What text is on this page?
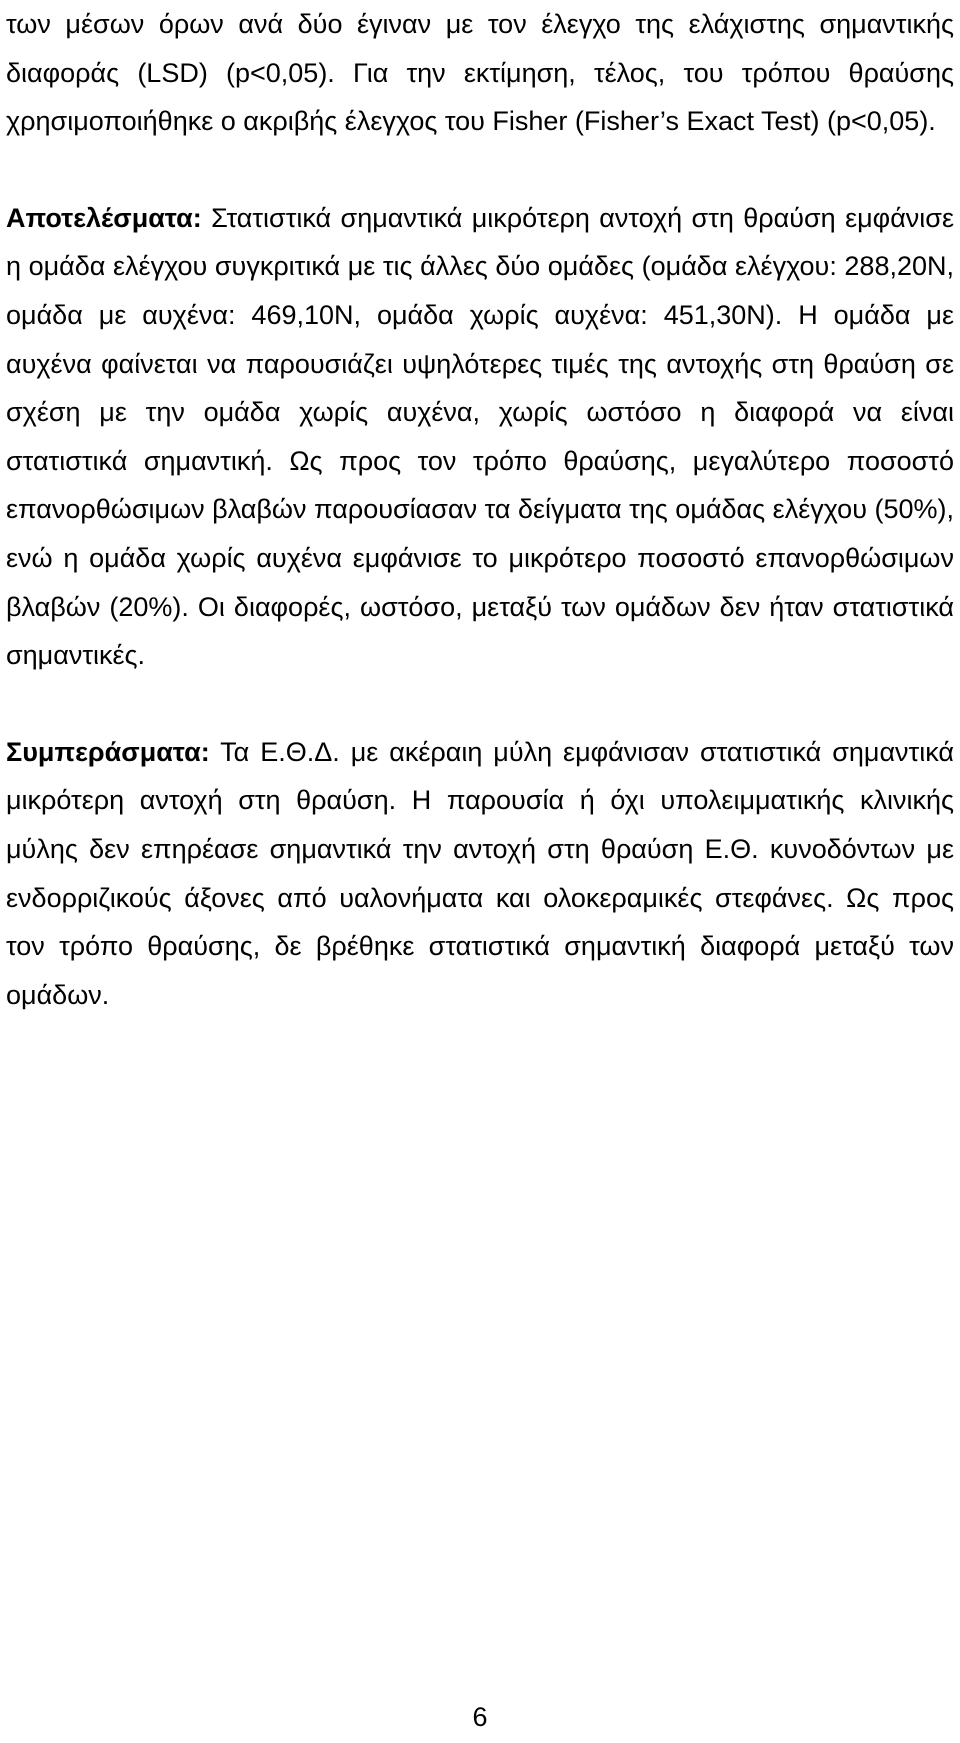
των μέσων όρων ανά δύο έγιναν με τον έλεγχο της ελάχιστης σημαντικής διαφοράς (LSD) (p<0,05). Για την εκτίμηση, τέλος, του τρόπου θραύσης χρησιμοποιήθηκε ο ακριβής έλεγχος του Fisher (Fisher’s Exact Test) (p<0,05).

Αποτελέσματα: Στατιστικά σημαντικά μικρότερη αντοχή στη θραύση εμφάνισε η ομάδα ελέγχου συγκριτικά με τις άλλες δύο ομάδες (ομάδα ελέγχου: 288,20N, ομάδα με αυχένα: 469,10N, ομάδα χωρίς αυχένα: 451,30N). Η ομάδα με αυχένα φαίνεται να παρουσιάζει υψηλότερες τιμές της αντοχής στη θραύση σε σχέση με την ομάδα χωρίς αυχένα, χωρίς ωστόσο η διαφορά να είναι στατιστικά σημαντική. Ως προς τον τρόπο θραύσης, μεγαλύτερο ποσοστό επανορθώσιμων βλαβών παρουσίασαν τα δείγματα της ομάδας ελέγχου (50%), ενώ η ομάδα χωρίς αυχένα εμφάνισε το μικρότερο ποσοστό επανορθώσιμων βλαβών (20%). Οι διαφορές, ωστόσο, μεταξύ των ομάδων δεν ήταν στατιστικά σημαντικές.

Συμπεράσματα: Τα Ε.Θ.Δ. με ακέραιη μύλη εμφάνισαν στατιστικά σημαντικά μικρότερη αντοχή στη θραύση. Η παρουσία ή όχι υπολειμματικής κλινικής μύλης δεν επηρέασε σημαντικά την αντοχή στη θραύση Ε.Θ. κυνοδόντων με ενδορριζικούς άξονες από υαλονήματα και ολοκεραμικές στεφάνες. Ως προς τον τρόπο θραύσης, δε βρέθηκε στατιστικά σημαντική διαφορά μεταξύ των ομάδων.

6
